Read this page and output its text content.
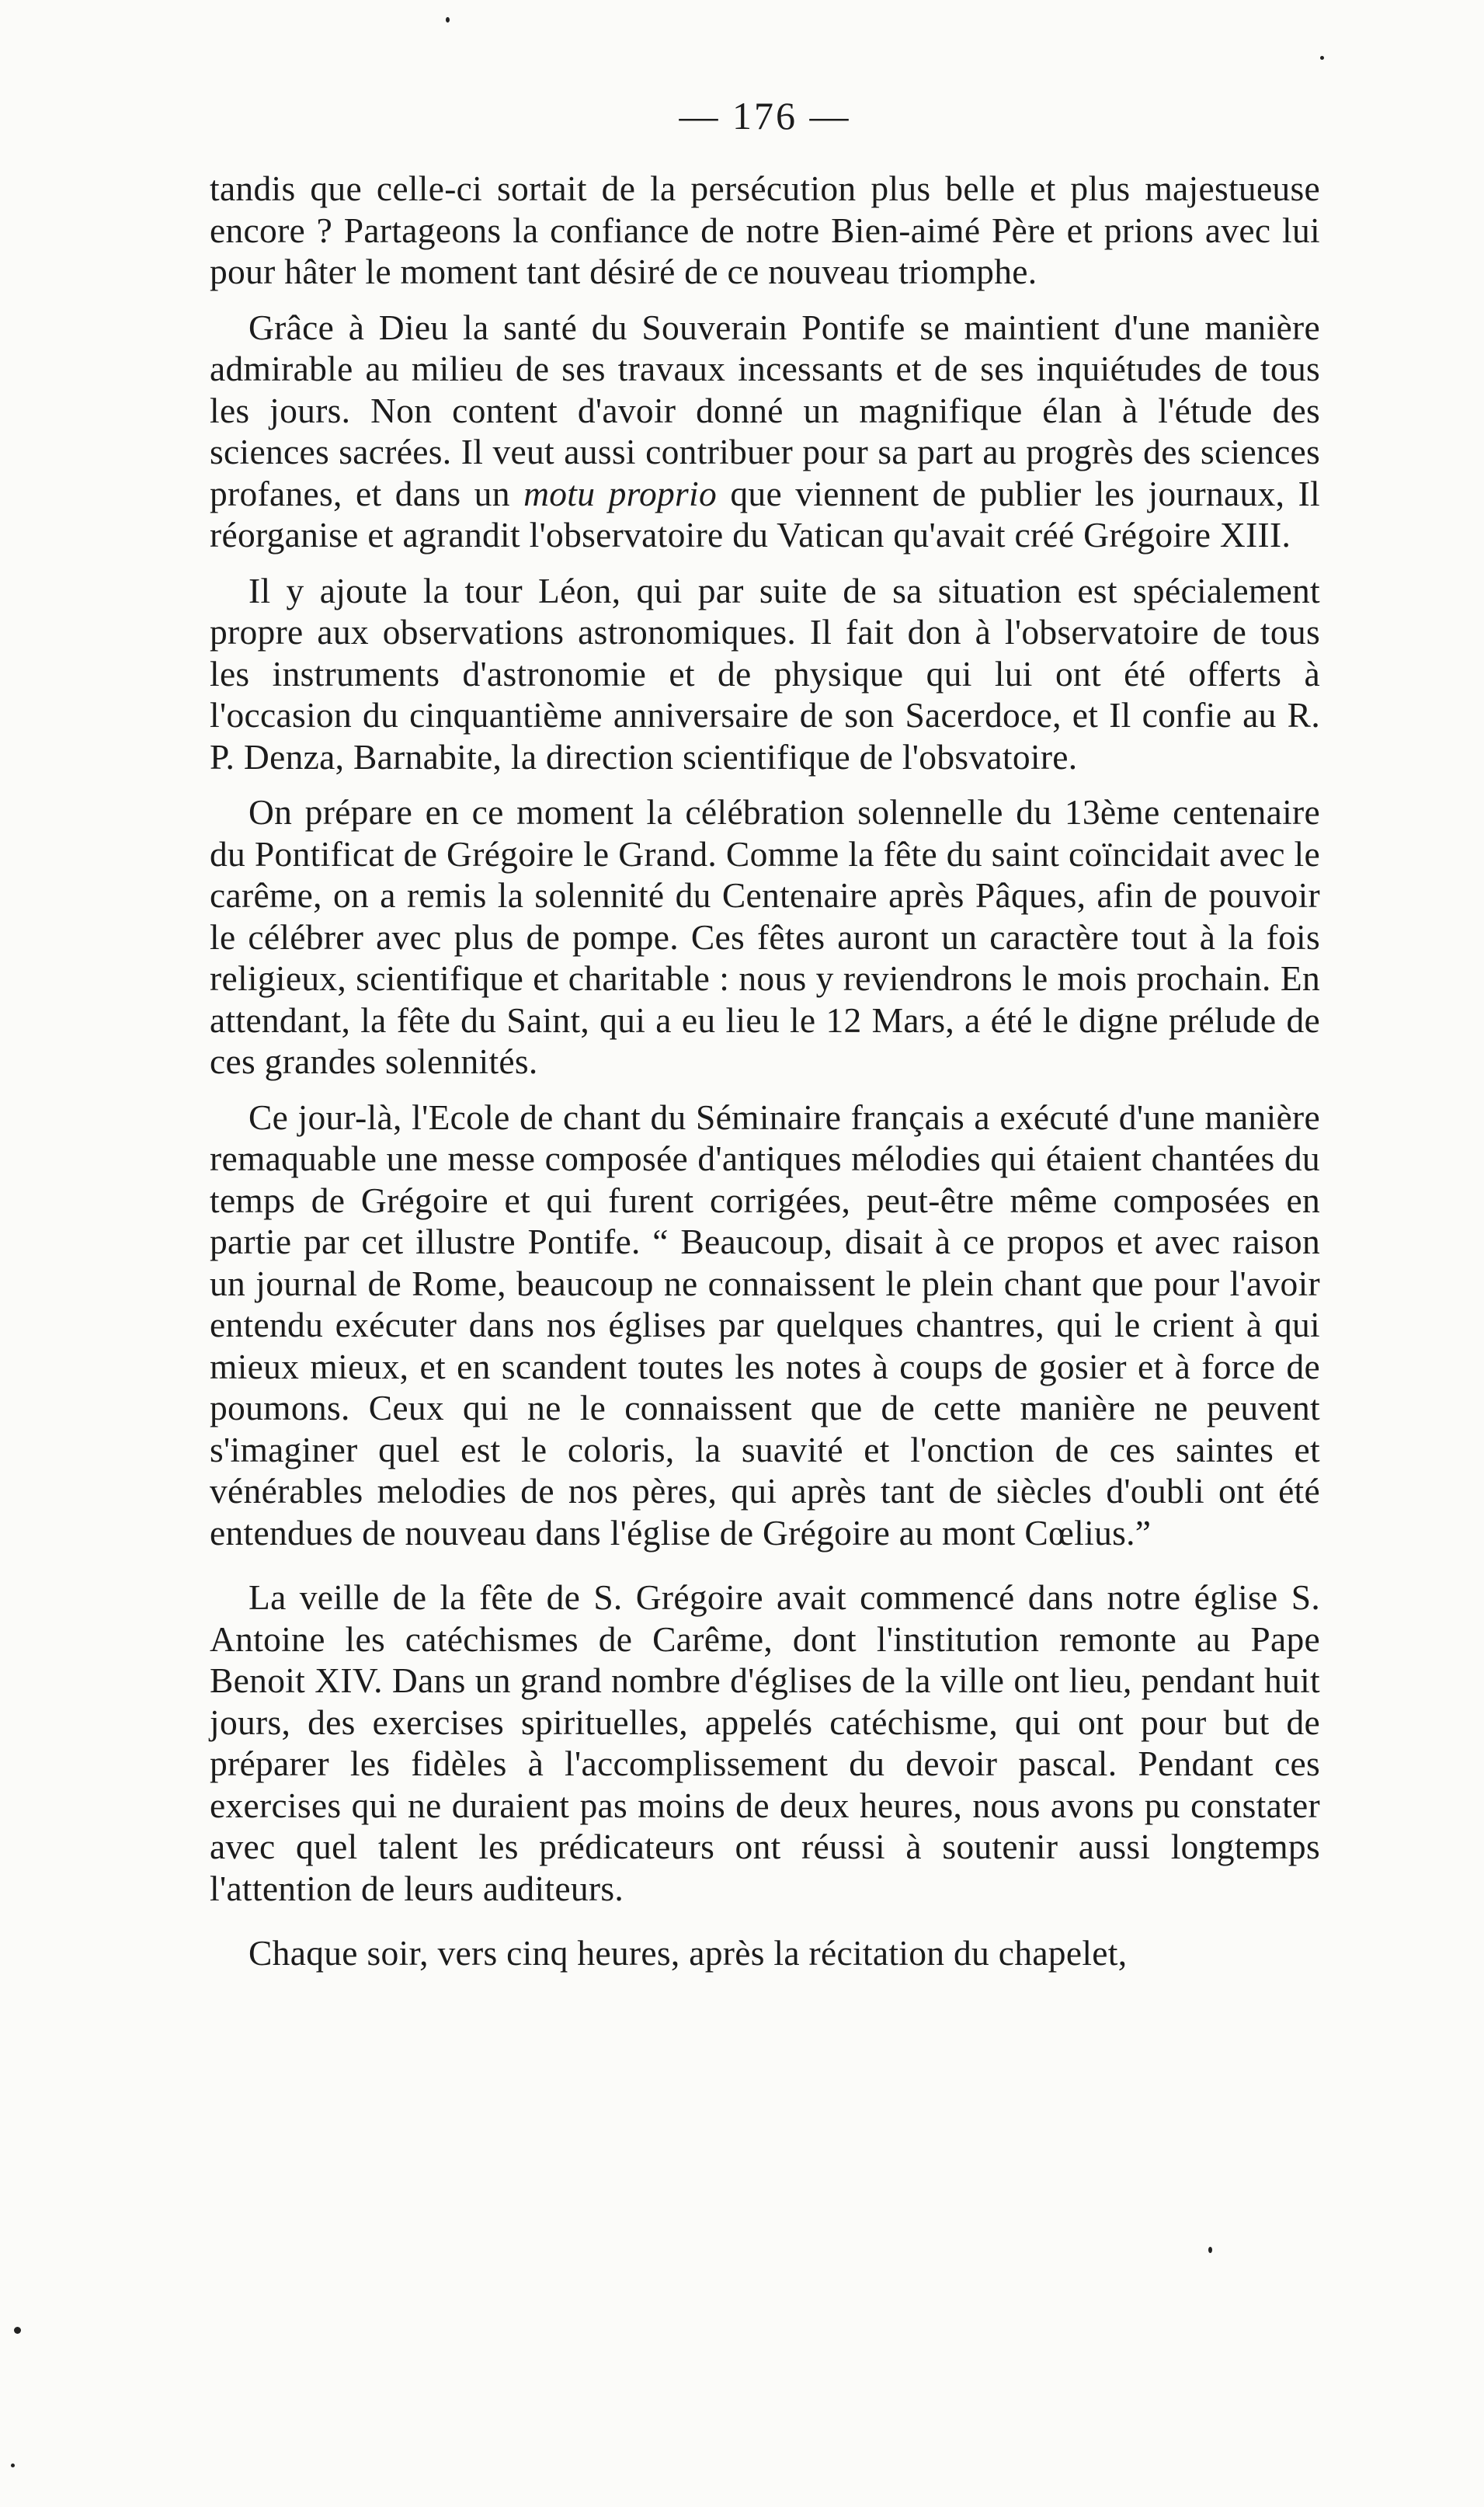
— 176 —

tandis que celle-ci sortait de la persécution plus belle et plus majestueuse encore ? Partageons la confiance de notre Bien-aimé Père et prions avec lui pour hâter le moment tant désiré de ce nouveau triomphe.

Grâce à Dieu la santé du Souverain Pontife se maintient d'une manière admirable au milieu de ses travaux incessants et de ses inquiétudes de tous les jours. Non content d'avoir donné un magnifique élan à l'étude des sciences sacrées. Il veut aussi contribuer pour sa part au progrès des sciences profanes, et dans un motu proprio que viennent de publier les journaux, Il réorganise et agrandit l'observatoire du Vatican qu'avait créé Grégoire XIII.

Il y ajoute la tour Léon, qui par suite de sa situation est spécialement propre aux observations astronomiques. Il fait don à l'observatoire de tous les instruments d'astronomie et de physique qui lui ont été offerts à l'occasion du cinquantième anniversaire de son Sacerdoce, et Il confie au R. P. Denza, Barnabite, la direction scientifique de l'obsvatoire.

On prépare en ce moment la célébration solennelle du 13ème centenaire du Pontificat de Grégoire le Grand. Comme la fête du saint coïncidait avec le carême, on a remis la solennité du Centenaire après Pâques, afin de pouvoir le célébrer avec plus de pompe. Ces fêtes auront un caractère tout à la fois religieux, scientifique et charitable : nous y reviendrons le mois prochain. En attendant, la fête du Saint, qui a eu lieu le 12 Mars, a été le digne prélude de ces grandes solennités.

Ce jour-là, l'Ecole de chant du Séminaire français a exécuté d'une manière remaquable une messe composée d'antiques mélodies qui étaient chantées du temps de Grégoire et qui furent corrigées, peut-être même composées en partie par cet illustre Pontife. “ Beaucoup, disait à ce propos et avec raison un journal de Rome, beaucoup ne connaissent le plein chant que pour l'avoir entendu exécuter dans nos églises par quelques chantres, qui le crient à qui mieux mieux, et en scandent toutes les notes à coups de gosier et à force de poumons. Ceux qui ne le connaissent que de cette manière ne peuvent s'imaginer quel est le coloris, la suavité et l'onction de ces saintes et vénérables melodies de nos pères, qui après tant de siècles d'oubli ont été entendues de nouveau dans l'église de Grégoire au mont Cœlius.”

La veille de la fête de S. Grégoire avait commencé dans notre église S. Antoine les catéchismes de Carême, dont l'institution remonte au Pape Benoit XIV. Dans un grand nombre d'églises de la ville ont lieu, pendant huit jours, des exercises spirituelles, appelés catéchisme, qui ont pour but de préparer les fidèles à l'accomplissement du devoir pascal. Pendant ces exercises qui ne duraient pas moins de deux heures, nous avons pu constater avec quel talent les prédicateurs ont réussi à soutenir aussi longtemps l'attention de leurs auditeurs.

Chaque soir, vers cinq heures, après la récitation du chapelet,
